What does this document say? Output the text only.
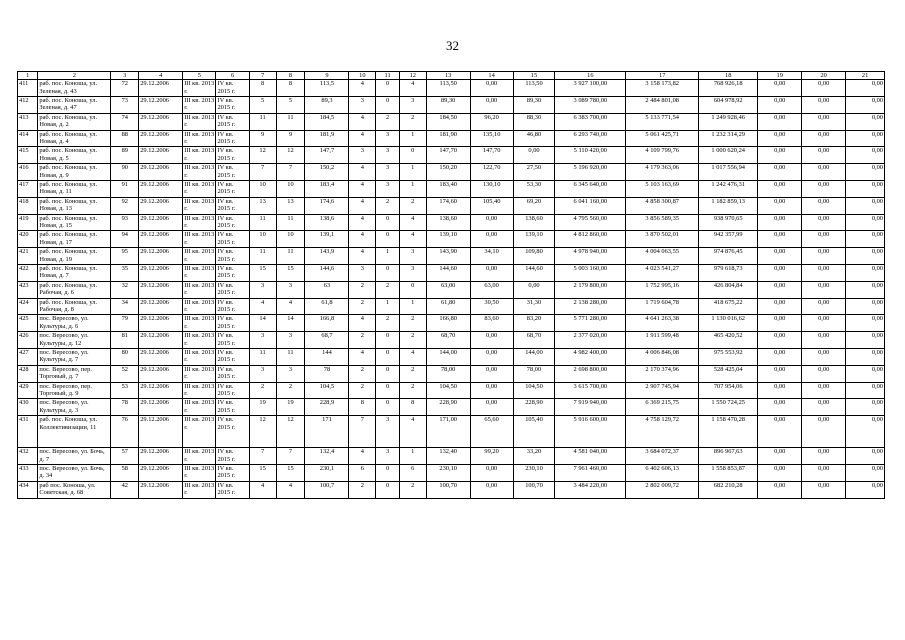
32
1	2	3	4	5	6	7	8	9	10	11	12	13	14	15	16	17	18	19	20	21
411	раб. пос. Коноша, ул. Зеленая, д. 43	72	29.12.2006	III кв. 2013 г.	IV кв. 2015 г.	8	8	113,5	4	0	4	113,50	0,00	113,50	3 927 100,00	3 158 173,82	768 926,18	0,00	0,00	0,00
412	раб. пос. Коноша, ул. Зеленая, д. 47	73	29.12.2006	III кв. 2013 г.	IV кв. 2015 г.	5	5	89,3	3	0	3	89,30	0,00	89,30	3 089 780,00	2 484 801,08	604 978,92	0,00	0,00	0,00
413	раб. пос. Коноша, ул. Новая, д. 2	74	29.12.2006	III кв. 2013 г.	IV кв. 2015 г.	11	11	184,5	4	2	2	184,50	96,20	88,30	6 383 700,00	5 133 771,54	1 249 928,46	0,00	0,00	0,00
414	раб. пос. Коноша, ул. Новая, д. 4	88	29.12.2006	III кв. 2013 г.	IV кв. 2015 г.	9	9	181,9	4	3	1	181,90	135,10	46,80	6 293 740,00	5 061 425,71	1 232 314,29	0,00	0,00	0,00
415	раб. пос. Коноша, ул. Новая, д. 5	89	29.12.2006	III кв. 2013 г.	IV кв. 2015 г.	12	12	147,7	3	3	0	147,70	147,70	0,00	5 110 420,00	4 109 799,76	1 000 620,24	0,00	0,00	0,00
416	раб. пос. Коноша, ул. Новая, д. 9	90	29.12.2006	III кв. 2013 г.	IV кв. 2015 г.	7	7	150,2	4	3	1	150,20	122,70	27,50	5 196 920,00	4 179 363,06	1 017 556,94	0,00	0,00	0,00
417	раб. пос. Коноша, ул. Новая, д. 11	91	29.12.2006	III кв. 2013 г.	IV кв. 2015 г.	10	10	183,4	4	3	1	183,40	130,10	53,30	6 345 640,00	5 103 163,69	1 242 476,31	0,00	0,00	0,00
418	раб. пос. Коноша, ул. Новая, д. 13	92	29.12.2006	III кв. 2013 г.	IV кв. 2015 г.	13	13	174,6	4	2	2	174,60	105,40	69,20	6 041 160,00	4 858 300,87	1 182 859,13	0,00	0,00	0,00
419	раб. пос. Коноша, ул. Новая, д. 15	93	29.12.2006	III кв. 2013 г.	IV кв. 2015 г.	11	11	138,6	4	0	4	138,60	0,00	138,60	4 795 560,00	3 856 589,35	938 970,65	0,00	0,00	0,00
420	раб. пос. Коноша, ул. Новая, д. 17	94	29.12.2006	III кв. 2013 г.	IV кв. 2015 г.	10	10	139,1	4	0	4	139,10	0,00	139,10	4 812 860,00	3 870 502,01	942 357,99	0,00	0,00	0,00
421	раб. пос. Коноша, ул. Новая, д. 19	95	29.12.2006	III кв. 2013 г.	IV кв. 2015 г.	11	11	143,9	4	1	3	143,90	34,10	109,80	4 978 940,00	4 004 063,55	974 876,45	0,00	0,00	0,00
422	раб. пос. Коноша, ул. Новая, д. 7	35	29.12.2006	III кв. 2013 г.	IV кв. 2015 г.	15	15	144,6	3	0	3	144,60	0,00	144,60	5 003 160,00	4 023 541,27	979 618,73	0,00	0,00	0,00
423	раб. пос. Коноша, ул. Рабочая, д. 6	32	29.12.2006	III кв. 2013 г.	IV кв. 2015 г.	3	3	63	2	2	0	63,00	63,00	0,00	2 179 800,00	1 752 995,16	426 804,84	0,00	0,00	0,00
424	раб. пос. Коноша, ул. Рабочая, д. 8	34	29.12.2006	III кв. 2013 г.	IV кв. 2015 г.	4	4	61,8	2	1	1	61,80	30,50	31,30	2 138 280,00	1 719 604,78	418 675,22	0,00	0,00	0,00
425	пос. Вересово, ул. Культуры, д. 6	79	29.12.2006	III кв. 2013 г.	IV кв. 2015 г.	14	14	166,8	4	2	2	166,80	83,60	83,20	5 771 280,00	4 641 263,38	1 130 016,62	0,00	0,00	0,00
426	пос. Вересово, ул. Культуры, д. 12	81	29.12.2006	III кв. 2013 г.	IV кв. 2015 г.	3	3	68,7	2	0	2	68,70	0,00	68,70	2 377 020,00	1 911 599,48	465 420,52	0,00	0,00	0,00
427	пос. Вересово, ул. Культуры, д. 7	80	29.12.2006	III кв. 2013 г.	IV кв. 2015 г.	11	11	144	4	0	4	144,00	0,00	144,00	4 982 400,00	4 006 846,08	975 553,92	0,00	0,00	0,00
428	пос. Вересово, пер. Торговый, д. 7	52	29.12.2006	III кв. 2013 г.	IV кв. 2015 г.	3	3	78	2	0	2	78,00	0,00	78,00	2 698 800,00	2 170 374,96	528 425,04	0,00	0,00	0,00
429	пос. Вересово, пер. Торговый, д. 9	53	29.12.2006	III кв. 2013 г.	IV кв. 2015 г.	2	2	104,5	2	0	2	104,50	0,00	104,50	3 615 700,00	2 907 745,94	707 954,06	0,00	0,00	0,00
430	пос. Вересово, ул. Культуры, д. 3	78	29.12.2006	III кв. 2013 г.	IV кв. 2015 г.	19	19	228,9	8	0	8	228,90	0,00	228,90	7 919 940,00	6 369 215,75	1 550 724,25	0,00	0,00	0,00
431	раб. пос. Коноша, ул. Коллективизации, 11	76	29.12.2006	III кв. 2013 г.	IV кв. 2015 г.	12	12	171	7	3	4	171,00	65,60	105,40	5 916 600,00	4 758 129,72	1 158 470,28	0,00	0,00	0,00
432	пос. Вересово, ул. Бочь, д. 7	57	29.12.2006	III кв. 2013 г.	IV кв. 2015 г.	7	7	132,4	4	3	1	132,40	99,20	33,20	4 581 040,00	3 684 072,37	896 967,63	0,00	0,00	0,00
433	пос. Вересово, ул. Бочь, д. 34	58	29.12.2006	III кв. 2013 г.	IV кв. 2015 г.	15	15	230,1	6	0	6	230,10	0,00	230,10	7 961 460,00	6 402 606,13	1 558 853,87	0,00	0,00	0,00
434	раб пос. Коноша, ул. Советская, д. 68	42	29.12.2006	III кв. 2013 г.	IV кв. 2015 г.	4	4	100,7	2	0	2	100,70	0,00	100,70	3 484 220,00	2 802 009,72	682 210,28	0,00	0,00	0,00
